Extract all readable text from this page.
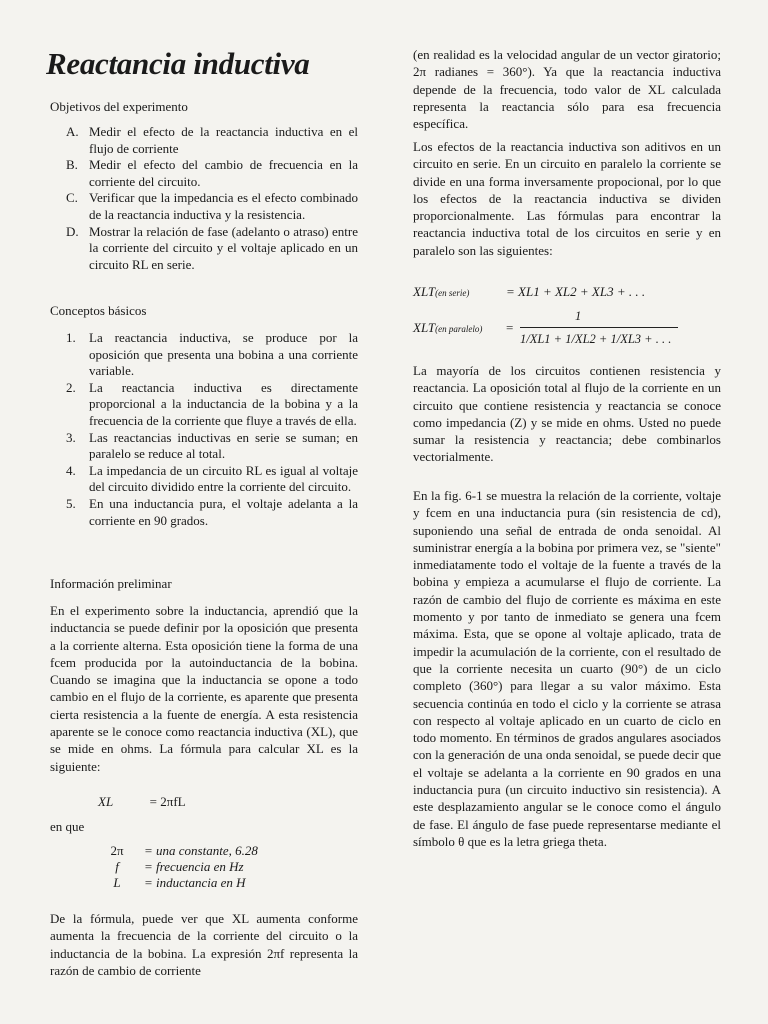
Reactancia inductiva
Objetivos del experimento
A. Medir el efecto de la reactancia inductiva en el flujo de corriente
B. Medir el efecto del cambio de frecuencia en la corriente del circuito.
C. Verificar que la impedancia es el efecto combinado de la reactancia inductiva y la resistencia.
D. Mostrar la relación de fase (adelanto o atraso) entre la corriente del circuito y el voltaje aplicado en un circuito RL en serie.
Conceptos básicos
1. La reactancia inductiva, se produce por la oposición que presenta una bobina a una corriente variable.
2. La reactancia inductiva es directamente proporcional a la inductancia de la bobina y a la frecuencia de la corriente que fluye a través de ella.
3. Las reactancias inductivas en serie se suman; en paralelo se reduce al total.
4. La impedancia de un circuito RL es igual al voltaje del circuito dividido entre la corriente del circuito.
5. En una inductancia pura, el voltaje adelanta a la corriente en 90 grados.
Información preliminar

En el experimento sobre la inductancia, aprendió que la inductancia se puede definir por la oposición que presenta a la corriente alterna. Esta oposición tiene la forma de una fcem producida por la autoinductancia de la bobina. Cuando se imagina que la inductancia se opone a todo cambio en el flujo de la corriente, es aparente que presenta cierta resistencia a la fuente de energía. A esta resistencia aparente se le conoce como reactancia inductiva (XL), que se mide en ohms. La fórmula para calcular XL es la siguiente:

XL	= 2πfL
en que
2π	= una constante, 6.28
f	= frecuencia en Hz
L	= inductancia en H

De la fórmula, puede ver que XL aumenta conforme aumenta la frecuencia de la corriente del circuito o la inductancia de la bobina. La expresión 2πf representa la razón de cambio de corriente

(en realidad es la velocidad angular de un vector giratorio; 2π radianes = 360°). Ya que la reactancia inductiva depende de la frecuencia, todo valor de XL calculada representa la reactancia sólo para esa frecuencia específica.

Los efectos de la reactancia inductiva son aditivos en un circuito en serie. En un circuito en paralelo la corriente se divide en una forma inversamente propocional, por lo que los efectos de la reactancia inductiva se dividen proporcionalmente. Las fórmulas para encontrar la reactancia inductiva total de los circuitos en serie y en paralelo son las siguientes:

XLT(en serie)	= XL1 + XL2 + XL3 + . . .
XLT(en paralelo) =
1
1/XL1 + 1/XL2 + 1/XL3 + . . .

La mayoría de los circuitos contienen resistencia y reactancia. La oposición total al flujo de la corriente en un circuito que contiene resistencia y reactancia se conoce como impedancia (Z) y se mide en ohms. Usted no puede sumar la resistencia y reactancia; debe combinarlos vectorialmente.

En la fig. 6-1 se muestra la relación de la corriente, voltaje y fcem en una inductancia pura (sin resistencia de cd), suponiendo una señal de entrada de onda senoidal. Al suministrar energía a la bobina por primera vez, se "siente" inmediatamente todo el voltaje de la fuente a través de la bobina y empieza a acumularse el flujo de corriente. La razón de cambio del flujo de corriente es máxima en este momento y por tanto de inmediato se genera una fcem máxima. Esta, que se opone al voltaje aplicado, trata de impedir la acumulación de la corriente, con el resultado de que la corriente necesita un cuarto (90°) de un ciclo completo (360°) para llegar a su valor máximo. Esta secuencia continúa en todo el ciclo y la corriente se atrasa con respecto al voltaje aplicado en un cuarto de ciclo en todo momento. En términos de grados angulares asociados con la generación de una onda senoidal, se puede decir que el voltaje se adelanta a la corriente en 90 grados en una inductancia pura (un circuito inductivo sin resistencia). A este desplazamiento angular se le conoce como el ángulo de fase. El ángulo de fase puede representarse mediante el símbolo θ que es la letra griega theta.
